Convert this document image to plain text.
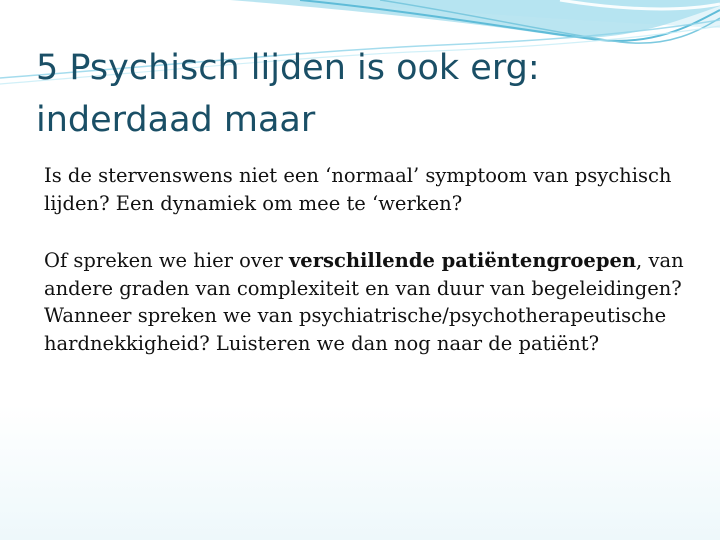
5 Psychisch lijden is ook erg:
inderdaad maar

Is de stervenswens niet een ‘normaal’ symptoom van psychisch lijden? Een dynamiek om mee te ‘werken?

Of spreken we hier over verschillende patiëntengroepen, van andere graden van complexiteit en van duur van begeleidingen? Wanneer spreken we van psychiatrische/psychotherapeutische hardnekkigheid? Luisteren we dan nog naar de patiënt?
